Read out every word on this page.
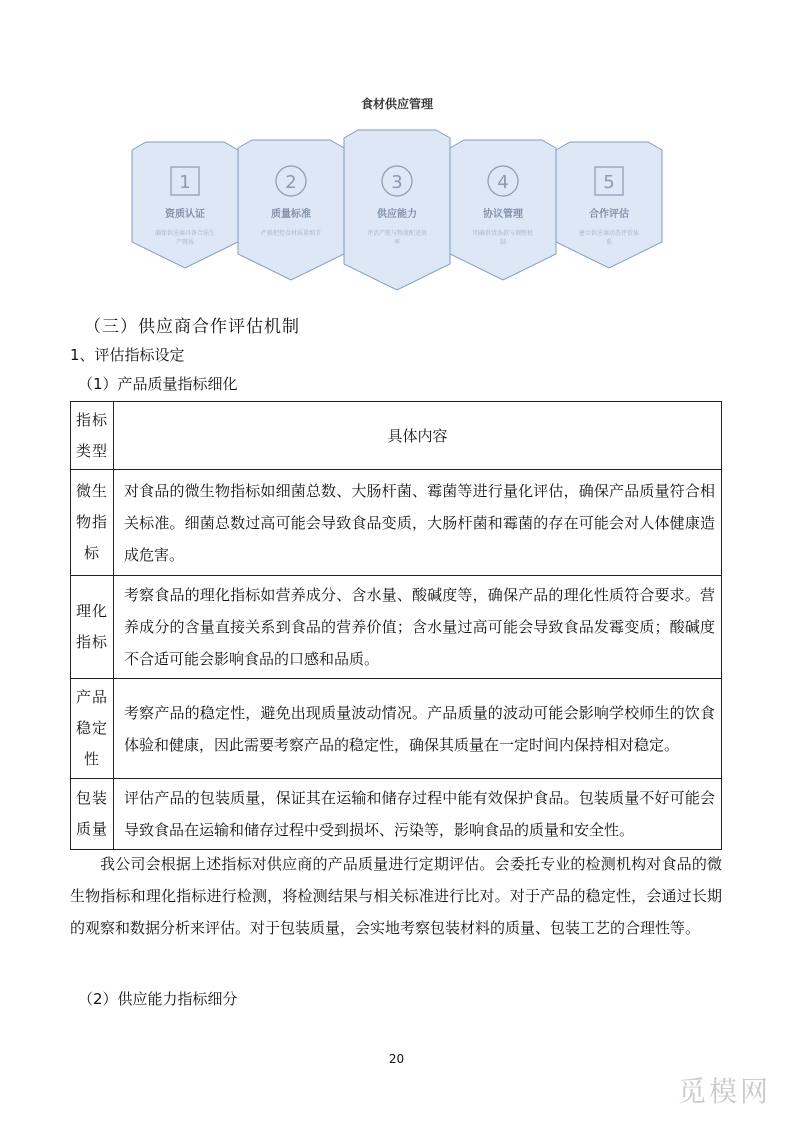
食材供应管理
1
资质认证
确保供应商具备合法生
产资质
2
质量标准
严格把控食材质量细节
3
供应能力
评估产能与物流配送效
率
4
协议管理
明确供货条款与调整机
制
5
合作评估
建立供应商动态评价体
系
（三）供应商合作评估机制
1、评估指标设定
（1）产品质量指标细化
指标类型	具体内容
微生物指标	对食品的微生物指标如细菌总数、大肠杆菌、霉菌等进行量化评估，确保产品质量符合相关标准。细菌总数过高可能会导致食品变质，大肠杆菌和霉菌的存在可能会对人体健康造成危害。
理化指标	考察食品的理化指标如营养成分、含水量、酸碱度等，确保产品的理化性质符合要求。营养成分的含量直接关系到食品的营养价值；含水量过高可能会导致食品发霉变质；酸碱度不合适可能会影响食品的口感和品质。
产品稳定性	考察产品的稳定性，避免出现质量波动情况。产品质量的波动可能会影响学校师生的饮食体验和健康，因此需要考察产品的稳定性，确保其质量在一定时间内保持相对稳定。
包装质量	评估产品的包装质量，保证其在运输和储存过程中能有效保护食品。包装质量不好可能会导致食品在运输和储存过程中受到损坏、污染等，影响食品的质量和安全性。
我公司会根据上述指标对供应商的产品质量进行定期评估。会委托专业的检测机构对食品的微生物指标和理化指标进行检测，将检测结果与相关标准进行比对。对于产品的稳定性，会通过长期的观察和数据分析来评估。对于包装质量，会实地考察包装材料的质量、包装工艺的合理性等。
（2）供应能力指标细分
20
觅模网
